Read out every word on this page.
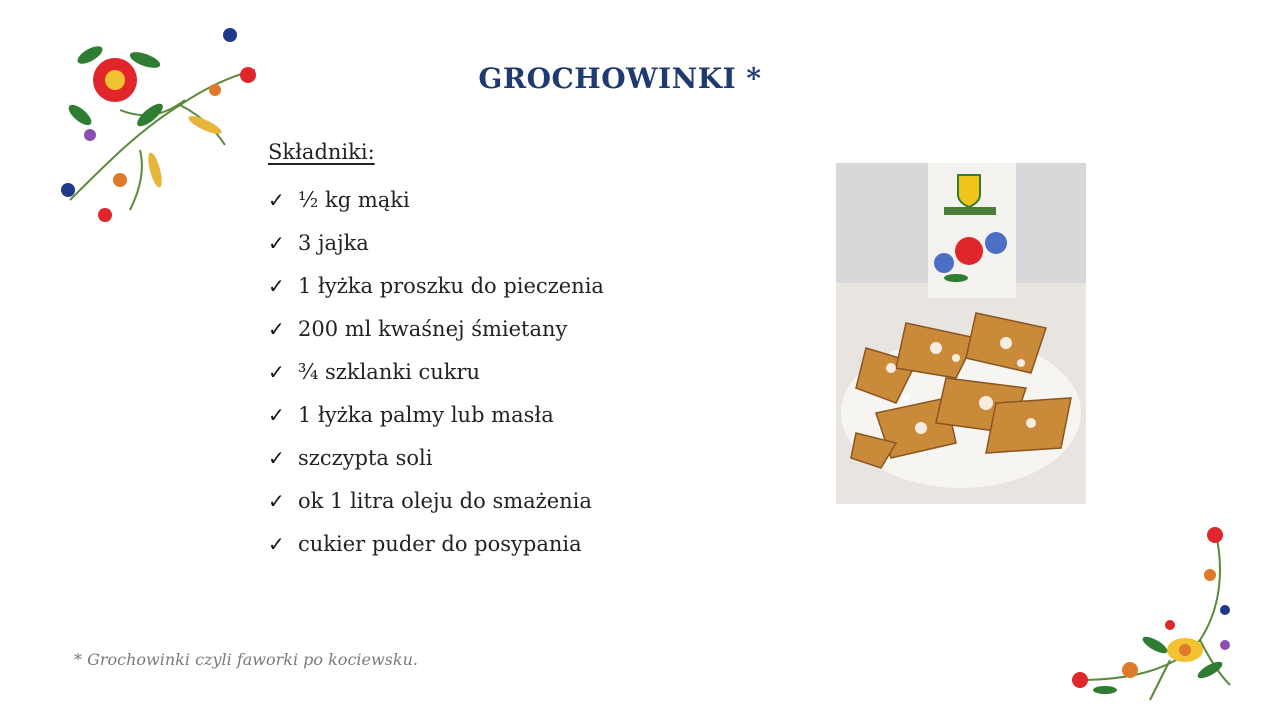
GROCHOWINKI *
Składniki:
✓ ½ kg mąki
✓ 3 jajka
✓ 1 łyżka proszku do pieczenia
✓ 200 ml kwaśnej śmietany
✓ ¾ szklanki cukru
✓ 1 łyżka palmy lub masła
✓ szczypta soli
✓ ok 1 litra oleju do smażenia
✓ cukier puder do posypania
* Grochowinki czyli faworki po kociewsku.
